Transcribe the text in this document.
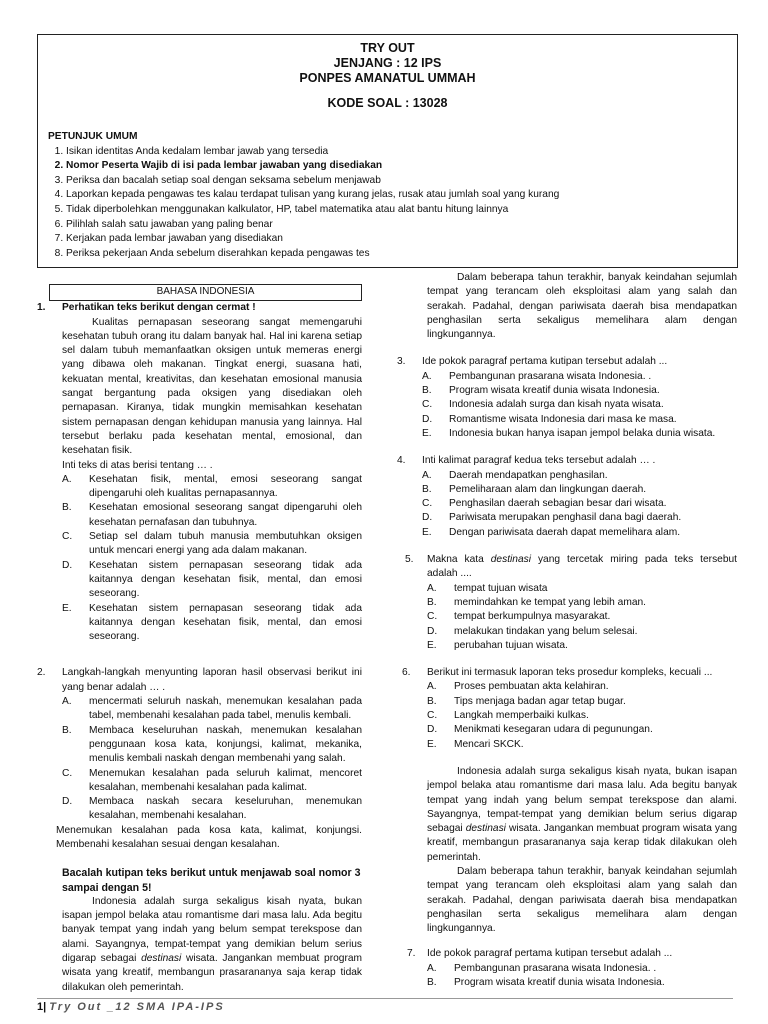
TRY OUT
JENJANG : 12 IPS
PONPES AMANATUL UMMAH
KODE SOAL : 13028
PETUNJUK UMUM
1. Isikan identitas Anda kedalam lembar jawab yang tersedia
2. Nomor Peserta Wajib di isi pada lembar jawaban yang disediakan
3. Periksa dan bacalah setiap soal dengan seksama sebelum menjawab
4. Laporkan kepada pengawas tes kalau terdapat tulisan yang kurang jelas, rusak atau jumlah soal yang kurang
5. Tidak diperbolehkan menggunakan kalkulator, HP, tabel matematika atau alat bantu hitung lainnya
6. Pilihlah salah satu jawaban yang paling benar
7. Kerjakan pada lembar jawaban yang disediakan
8. Periksa pekerjaan Anda sebelum diserahkan kepada pengawas tes
BAHASA INDONESIA
1. Perhatikan teks berikut dengan cermat !
Kualitas pernapasan seseorang sangat memengaruhi kesehatan tubuh orang itu dalam banyak hal. Hal ini karena setiap sel dalam tubuh memanfaatkan oksigen untuk memeras energi yang dibawa oleh makanan. Tingkat energi, suasana hati, kekuatan mental, kreativitas, dan kesehatan emosional manusia sangat bergantung pada oksigen yang disediakan oleh pernapasan. Kiranya, tidak mungkin memisahkan kesehatan sistem pernapasan dengan kehidupan manusia yang lainnya. Hal tersebut berlaku pada kesehatan mental, emosional, dan kesehatan fisik.
Inti teks di atas berisi tentang … .
A. Kesehatan fisik, mental, emosi seseorang sangat dipengaruhi oleh kualitas pernapasannya.
B. Kesehatan emosional seseorang sangat dipengaruhi oleh kesehatan pernafasan dan tubuhnya.
C. Setiap sel dalam tubuh manusia membutuhkan oksigen untuk mencari energi yang ada dalam makanan.
D. Kesehatan sistem pernapasan seseorang tidak ada kaitannya dengan kesehatan fisik, mental, dan emosi seseorang.
E. Kesehatan sistem pernapasan seseorang tidak ada kaitannya dengan kesehatan fisik, mental, dan emosi seseorang.
2. Langkah-langkah menyunting laporan hasil observasi berikut ini yang benar adalah … .
A. mencermati seluruh naskah, menemukan kesalahan pada tabel, membenahi kesalahan pada tabel, menulis kembali.
B. Membaca keseluruhan naskah, menemukan kesalahan penggunaan kosa kata, konjungsi, kalimat, mekanika, menulis kembali naskah dengan membenahi yang salah.
C. Menemukan kesalahan pada seluruh kalimat, mencoret kesalahan, membenahi kesalahan pada kalimat.
D. Membaca naskah secara keseluruhan, menemukan kesalahan, membenahi kesalahan.
Menemukan kesalahan pada kosa kata, kalimat, konjungsi. Membenahi kesalahan sesuai dengan kesalahan.
Bacalah kutipan teks berikut untuk menjawab soal nomor 3 sampai dengan 5!
Indonesia adalah surga sekaligus kisah nyata, bukan isapan jempol belaka atau romantisme dari masa lalu. Ada begitu banyak tempat yang indah yang belum sempat terekspose dan alami. Sayangnya, tempat-tempat yang demikian belum serius digarap sebagai destinasi wisata. Jangankan membuat program wisata yang kreatif, membangun prasarananya saja kerap tidak dilakukan oleh pemerintah.
Dalam beberapa tahun terakhir, banyak keindahan sejumlah tempat yang terancam oleh eksploitasi alam yang salah dan serakah. Padahal, dengan pariwisata daerah bisa mendapatkan penghasilan serta sekaligus memelihara alam dengan lingkungannya.
3. Ide pokok paragraf pertama kutipan tersebut adalah ...
A. Pembangunan prasarana wisata Indonesia. .
B. Program wisata kreatif dunia wisata Indonesia.
C. Indonesia adalah surga dan kisah nyata wisata.
D. Romantisme wisata Indonesia dari masa ke masa.
E. Indonesia bukan hanya isapan jempol belaka dunia wisata.
4. Inti kalimat paragraf kedua teks tersebut adalah … .
A. Daerah mendapatkan penghasilan.
B. Pemeliharaan alam dan lingkungan daerah.
C. Penghasilan daerah sebagian besar dari wisata.
D. Pariwisata merupakan penghasil dana bagi daerah.
E. Dengan pariwisata daerah dapat memelihara alam.
5. Makna kata destinasi yang tercetak miring pada teks tersebut adalah ....
A. tempat tujuan wisata
B. memindahkan ke tempat yang lebih aman.
C. tempat berkumpulnya masyarakat.
D. melakukan tindakan yang belum selesai.
E. perubahan tujuan wisata.
6. Berikut ini termasuk laporan teks prosedur kompleks, kecuali ...
A. Proses pembuatan akta kelahiran.
B. Tips menjaga badan agar tetap bugar.
C. Langkah memperbaiki kulkas.
D. Menikmati kesegaran udara di pegunungan.
E. Mencari SKCK.
Indonesia adalah surga sekaligus kisah nyata, bukan isapan jempol belaka atau romantisme dari masa lalu. Ada begitu banyak tempat yang indah yang belum sempat terekspose dan alami. Sayangnya, tempat-tempat yang demikian belum serius digarap sebagai destinasi wisata. Jangankan membuat program wisata yang kreatif, membangun prasarananya saja kerap tidak dilakukan oleh pemerintah.
Dalam beberapa tahun terakhir, banyak keindahan sejumlah tempat yang terancam oleh eksploitasi alam yang salah dan serakah. Padahal, dengan pariwisata daerah bisa mendapatkan penghasilan serta sekaligus memelihara alam dengan lingkungannya.
7. Ide pokok paragraf pertama kutipan tersebut adalah ...
A. Pembangunan prasarana wisata Indonesia. .
B. Program wisata kreatif dunia wisata Indonesia.
1| Try Out _12 SMA IPA-IPS
